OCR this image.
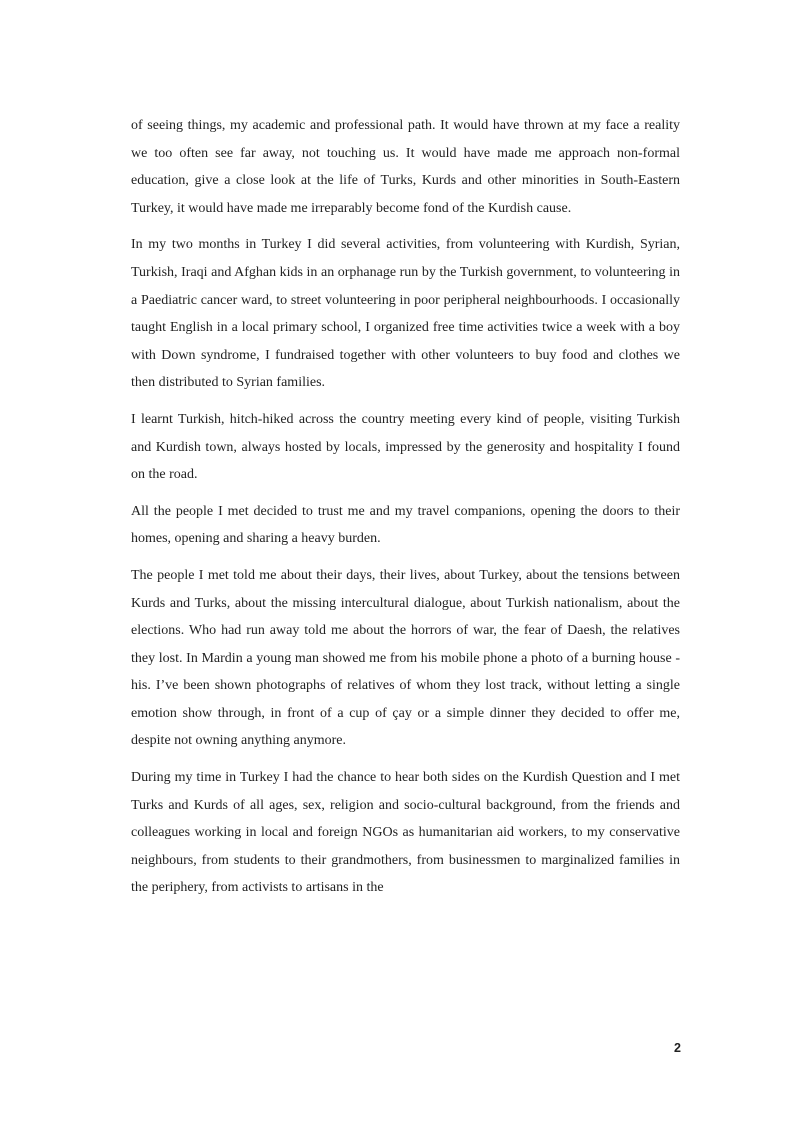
of seeing things, my academic and professional path. It would have thrown at my face a reality we too often see far away, not touching us. It would have made me approach non-formal education, give a close look at the life of Turks, Kurds and other minorities in South-Eastern Turkey, it would have made me irreparably become fond of the Kurdish cause.

In my two months in Turkey I did several activities, from volunteering with Kurdish, Syrian, Turkish, Iraqi and Afghan kids in an orphanage run by the Turkish government, to volunteering in a Paediatric cancer ward, to street volunteering in poor peripheral neighbourhoods. I occasionally taught English in a local primary school, I organized free time activities twice a week with a boy with Down syndrome, I fundraised together with other volunteers to buy food and clothes we then distributed to Syrian families.

I learnt Turkish, hitch-hiked across the country meeting every kind of people, visiting Turkish and Kurdish town, always hosted by locals, impressed by the generosity and hospitality I found on the road.

All the people I met decided to trust me and my travel companions, opening the doors to their homes, opening and sharing a heavy burden.

The people I met told me about their days, their lives, about Turkey, about the tensions between Kurds and Turks, about the missing intercultural dialogue, about Turkish nationalism, about the elections. Who had run away told me about the horrors of war, the fear of Daesh, the relatives they lost. In Mardin a young man showed me from his mobile phone a photo of a burning house -his. I’ve been shown photographs of relatives of whom they lost track, without letting a single emotion show through, in front of a cup of çay or a simple dinner they decided to offer me, despite not owning anything anymore.

During my time in Turkey I had the chance to hear both sides on the Kurdish Question and I met Turks and Kurds of all ages, sex, religion and socio-cultural background, from the friends and colleagues working in local and foreign NGOs as humanitarian aid workers, to my conservative neighbours, from students to their grandmothers, from businessmen to marginalized families in the periphery, from activists to artisans in the

2
